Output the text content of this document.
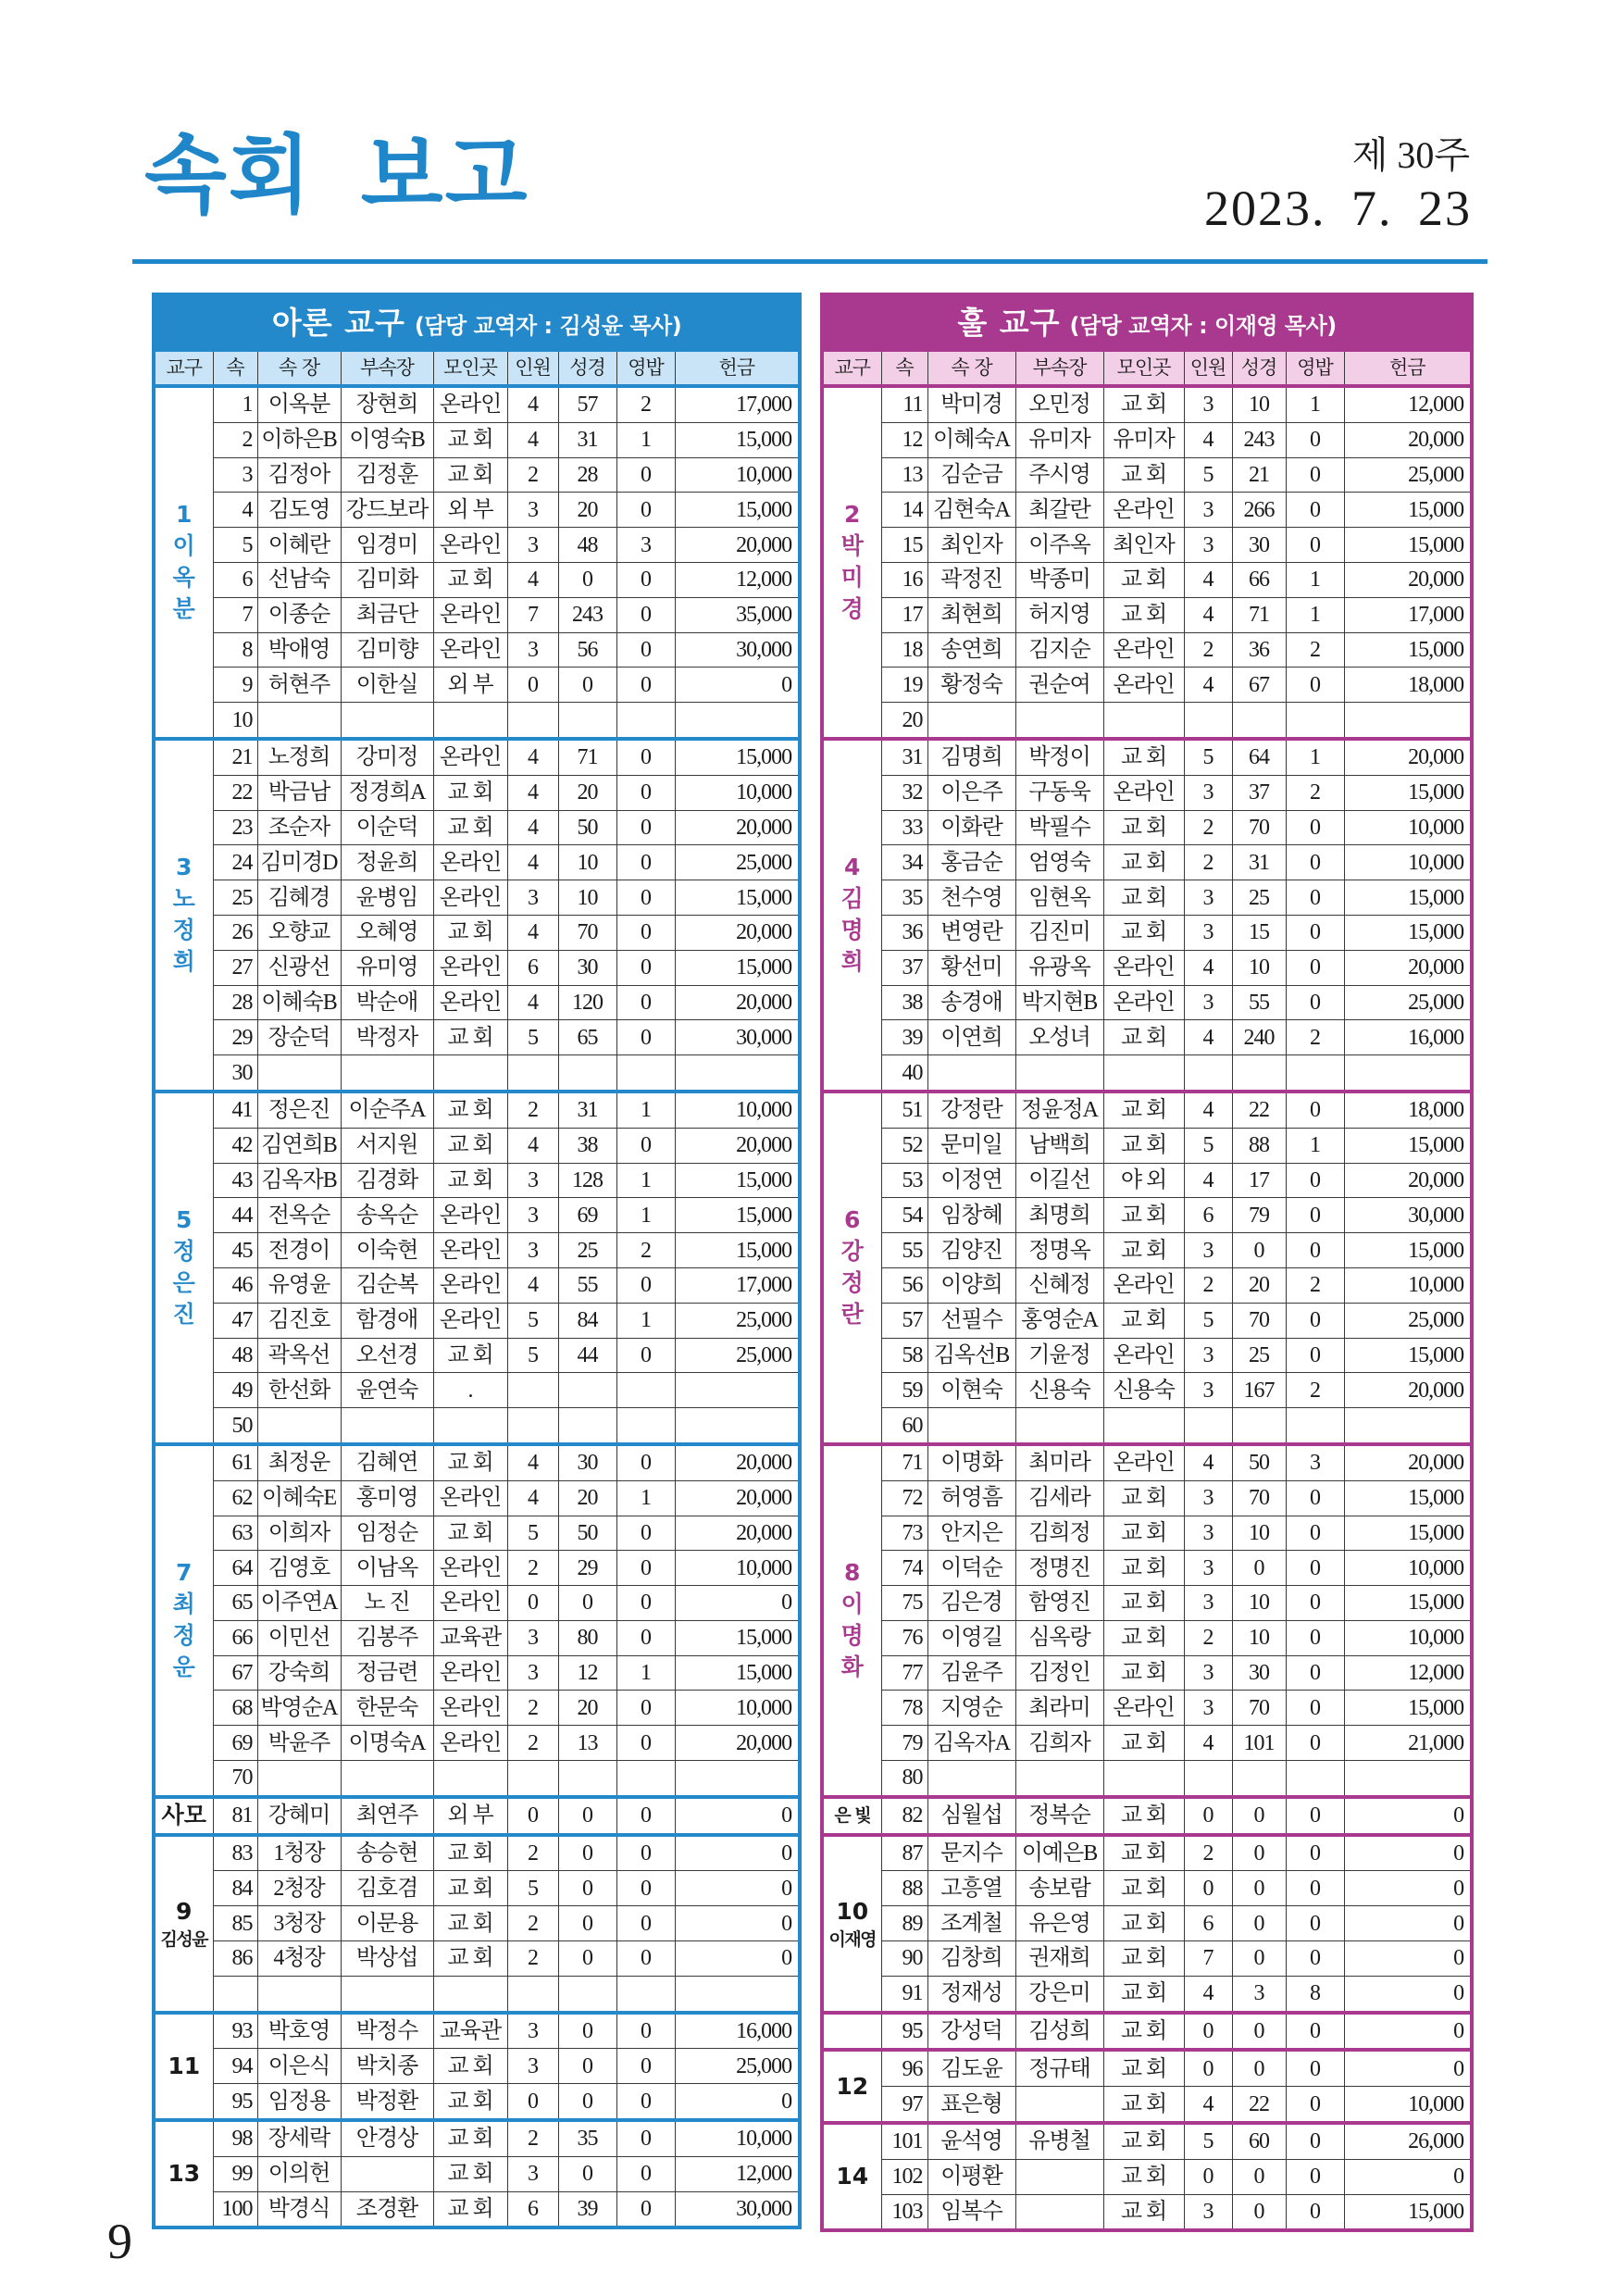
속회 보고	제 30주
2023. 7. 23
아론 교구 (담당 교역자 : 김성윤 목사)								
교구	속	속 장	부속장	모인곳	인원	성경	영밥	헌금

1
이
옥
분	1	이옥분	장현희	온라인	4	57	2	17,000
	2	이하은B	이영숙B	교 회	4	31	1	15,000
	3	김정아	김정훈	교 회	2	28	0	10,000
	4	김도영	강드보라	외 부	3	20	0	15,000
	5	이혜란	임경미	온라인	3	48	3	20,000
	6	선남숙	김미화	교 회	4	0	0	12,000
	7	이종순	최금단	온라인	7	243	0	35,000
	8	박애영	김미향	온라인	3	56	0	30,000
	9	허현주	이한실	외 부	0	0	0	0
	10							

3
노
정
희	21	노정희	강미정	온라인	4	71	0	15,000
	22	박금남	정경희A	교 회	4	20	0	10,000
	23	조순자	이순덕	교 회	4	50	0	20,000
	24	김미경D	정윤희	온라인	4	10	0	25,000
	25	김혜경	윤병임	온라인	3	10	0	15,000
	26	오향교	오혜영	교 회	4	70	0	20,000
	27	신광선	유미영	온라인	6	30	0	15,000
	28	이혜숙B	박순애	온라인	4	120	0	20,000
	29	장순덕	박정자	교 회	5	65	0	30,000
	30							

5
정
은
진	41	정은진	이순주A	교 회	2	31	1	10,000
	42	김연희B	서지원	교 회	4	38	0	20,000
	43	김옥자B	김경화	교 회	3	128	1	15,000
	44	전옥순	송옥순	온라인	3	69	1	15,000
	45	전경이	이숙현	온라인	3	25	2	15,000
	46	유영윤	김순복	온라인	4	55	0	17,000
	47	김진호	함경애	온라인	5	84	1	25,000
	48	곽옥선	오선경	교 회	5	44	0	25,000
	49	한선화	윤연숙	.				
	50							

7
최
정
운	61	최정운	김혜연	교 회	4	30	0	20,000
	62	이혜숙E	홍미영	온라인	4	20	1	20,000
	63	이희자	임정순	교 회	5	50	0	20,000
	64	김영호	이남옥	온라인	2	29	0	10,000
	65	이주연A	노 진	온라인	0	0	0	0
	66	이민선	김봉주	교육관	3	80	0	15,000
	67	강숙희	정금련	온라인	3	12	1	15,000
	68	박영순A	한문숙	온라인	2	20	0	10,000
	69	박윤주	이명숙A	온라인	2	13	0	20,000
	70							

사모	81	강혜미	최연주	외 부	0	0	0	0

9
김성윤	83	1청장	송승현	교 회	2	0	0	0
	84	2청장	김호겸	교 회	5	0	0	0
	85	3청장	이문용	교 회	2	0	0	0
	86	4청장	박상섭	교 회	2	0	0	0

11	93	박호영	박정수	교육관	3	0	0	16,000
	94	이은식	박치종	교 회	3	0	0	25,000
	95	임정용	박정환	교 회	0	0	0	0

13	98	장세락	안경상	교 회	2	35	0	10,000
	99	이의헌		교 회	3	0	0	12,000
	100	박경식	조경환	교 회	6	39	0	30,000
훌 교구 (담당 교역자 : 이재영 목사)								
교구	속	속 장	부속장	모인곳	인원	성경	영밥	헌금

2
박
미
경	11	박미경	오민정	교 회	3	10	1	12,000
	12	이혜숙A	유미자	유미자	4	243	0	20,000
	13	김순금	주시영	교 회	5	21	0	25,000
	14	김현숙A	최갈란	온라인	3	266	0	15,000
	15	최인자	이주옥	최인자	3	30	0	15,000
	16	곽정진	박종미	교 회	4	66	1	20,000
	17	최현희	허지영	교 회	4	71	1	17,000
	18	송연희	김지순	온라인	2	36	2	15,000
	19	황정숙	권순여	온라인	4	67	0	18,000
	20							

4
김
명
희	31	김명희	박정이	교 회	5	64	1	20,000
	32	이은주	구동욱	온라인	3	37	2	15,000
	33	이화란	박필수	교 회	2	70	0	10,000
	34	홍금순	엄영숙	교 회	2	31	0	10,000
	35	천수영	임현옥	교 회	3	25	0	15,000
	36	변영란	김진미	교 회	3	15	0	15,000
	37	황선미	유광옥	온라인	4	10	0	20,000
	38	송경애	박지현B	온라인	3	55	0	25,000
	39	이연희	오성녀	교 회	4	240	2	16,000
	40							

6
강
정
란	51	강정란	정윤정A	교 회	4	22	0	18,000
	52	문미일	남백희	교 회	5	88	1	15,000
	53	이정연	이길선	야 외	4	17	0	20,000
	54	임창혜	최명희	교 회	6	79	0	30,000
	55	김양진	정명옥	교 회	3	0	0	15,000
	56	이양희	신혜정	온라인	2	20	2	10,000
	57	선필수	홍영순A	교 회	5	70	0	25,000
	58	김옥선B	기윤정	온라인	3	25	0	15,000
	59	이현숙	신용숙	신용숙	3	167	2	20,000
	60							

8
이
명
화	71	이명화	최미라	온라인	4	50	3	20,000
	72	허영흠	김세라	교 회	3	70	0	15,000
	73	안지은	김희정	교 회	3	10	0	15,000
	74	이덕순	정명진	교 회	3	0	0	10,000
	75	김은경	함영진	교 회	3	10	0	15,000
	76	이영길	심옥랑	교 회	2	10	0	10,000
	77	김윤주	김정인	교 회	3	30	0	12,000
	78	지영순	최라미	온라인	3	70	0	15,000
	79	김옥자A	김희자	교 회	4	101	0	21,000
	80							

은 빛	82	심월섭	정복순	교 회	0	0	0	0

10
이재영	87	문지수	이예은B	교 회	2	0	0	0
	88	고흥열	송보람	교 회	0	0	0	0
	89	조계철	유은영	교 회	6	0	0	0
	90	김창희	권재희	교 회	7	0	0	0
	91	정재성	강은미	교 회	4	3	8	0
	95	강성덕	김성희	교 회	0	0	0	0

12	96	김도윤	정규태	교 회	0	0	0	0
	97	표은형		교 회	4	22	0	10,000

14	101	윤석영	유병철	교 회	5	60	0	26,000
	102	이평환		교 회	0	0	0	0
	103	임복수		교 회	3	0	0	15,000
9
